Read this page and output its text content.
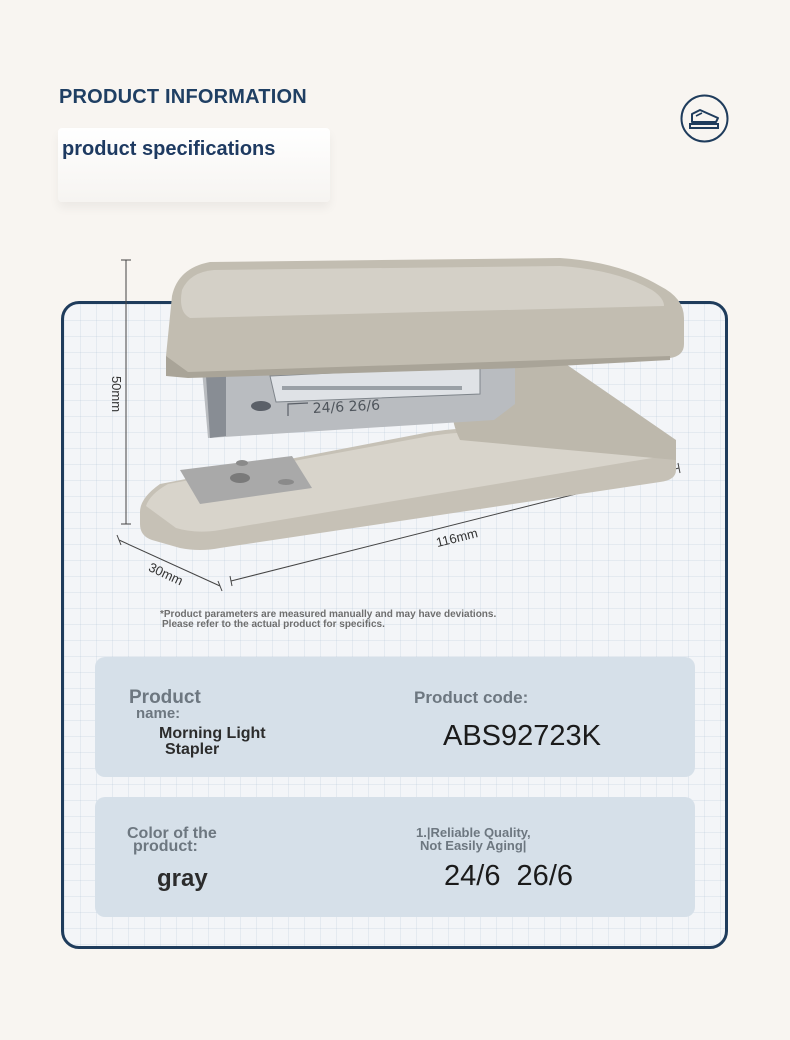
PRODUCT INFORMATION
product specifications
24/6 26/6
50mm
30mm
116mm
*Product parameters are measured manually and may have deviations.
Please refer to the actual product for specifics.
Product
name:
Morning Light
Stapler
Product code:
ABS92723K
Color of the
product:
gray
1.|Reliable Quality,
Not Easily Aging|
24/6  26/6
